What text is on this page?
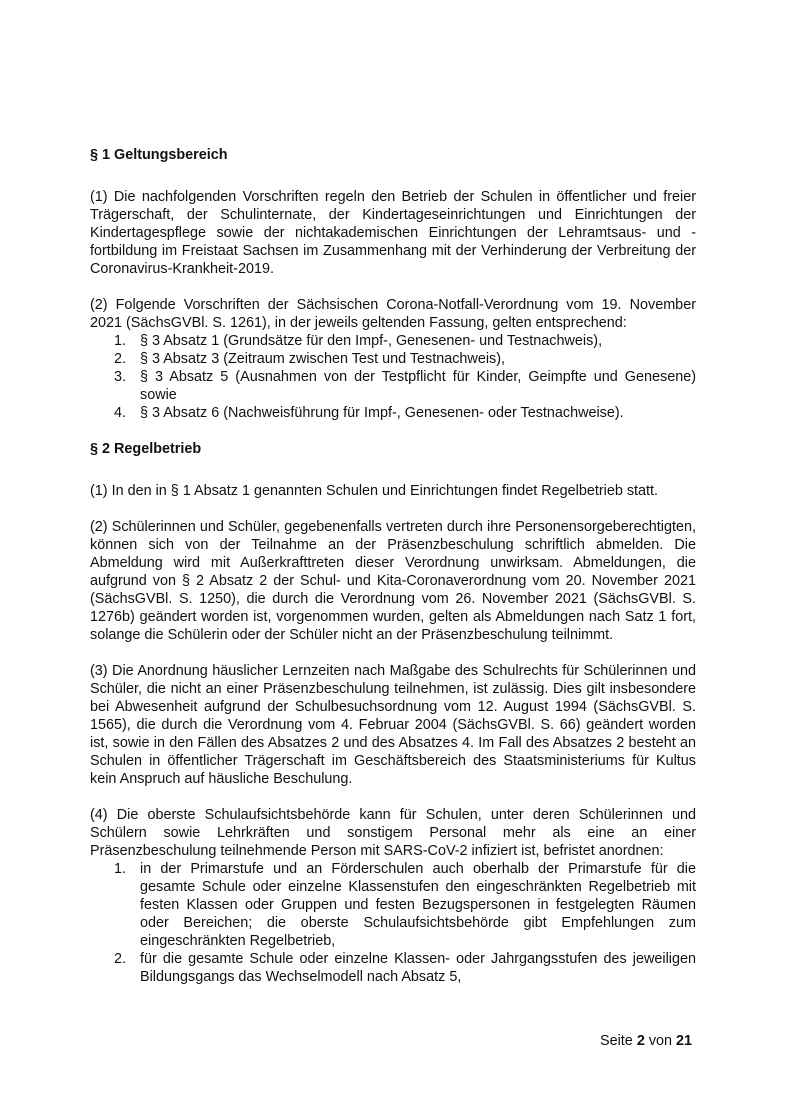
§ 1 Geltungsbereich

(1) Die nachfolgenden Vorschriften regeln den Betrieb der Schulen in öffentlicher und freier Trägerschaft, der Schulinternate, der Kindertageseinrichtungen und Einrichtungen der Kindertagespflege sowie der nichtakademischen Einrichtungen der Lehramtsaus- und -fortbildung im Freistaat Sachsen im Zusammenhang mit der Verhinderung der Verbreitung der Coronavirus-Krankheit-2019.

(2) Folgende Vorschriften der Sächsischen Corona-Notfall-Verordnung vom 19. November 2021 (SächsGVBl. S. 1261), in der jeweils geltenden Fassung, gelten entsprechend:

1. § 3 Absatz 1 (Grundsätze für den Impf-, Genesenen- und Testnachweis),
2. § 3 Absatz 3 (Zeitraum zwischen Test und Testnachweis),
3. § 3 Absatz 5 (Ausnahmen von der Testpflicht für Kinder, Geimpfte und Genesene) sowie
4. § 3 Absatz 6 (Nachweisführung für Impf-, Genesenen- oder Testnachweise).

§ 2 Regelbetrieb

(1) In den in § 1 Absatz 1 genannten Schulen und Einrichtungen findet Regelbetrieb statt.

(2) Schülerinnen und Schüler, gegebenenfalls vertreten durch ihre Personensorgeberechtigten, können sich von der Teilnahme an der Präsenzbeschulung schriftlich abmelden. Die Abmeldung wird mit Außerkrafttreten dieser Verordnung unwirksam. Abmeldungen, die aufgrund von § 2 Absatz 2 der Schul- und Kita-Coronaverordnung vom 20. November 2021 (SächsGVBl. S. 1250), die durch die Verordnung vom 26. November 2021 (SächsGVBl. S. 1276b) geändert worden ist, vorgenommen wurden, gelten als Abmeldungen nach Satz 1 fort, solange die Schülerin oder der Schüler nicht an der Präsenzbeschulung teilnimmt.

(3) Die Anordnung häuslicher Lernzeiten nach Maßgabe des Schulrechts für Schülerinnen und Schüler, die nicht an einer Präsenzbeschulung teilnehmen, ist zulässig. Dies gilt insbesondere bei Abwesenheit aufgrund der Schulbesuchsordnung vom 12. August 1994 (SächsGVBl. S. 1565), die durch die Verordnung vom 4. Februar 2004 (SächsGVBl. S. 66) geändert worden ist, sowie in den Fällen des Absatzes 2 und des Absatzes 4. Im Fall des Absatzes 2 besteht an Schulen in öffentlicher Trägerschaft im Geschäftsbereich des Staatsministeriums für Kultus kein Anspruch auf häusliche Beschulung.

(4) Die oberste Schulaufsichtsbehörde kann für Schulen, unter deren Schülerinnen und Schülern sowie Lehrkräften und sonstigem Personal mehr als eine an einer Präsenzbeschulung teilnehmende Person mit SARS-CoV-2 infiziert ist, befristet anordnen:

1. in der Primarstufe und an Förderschulen auch oberhalb der Primarstufe für die gesamte Schule oder einzelne Klassenstufen den eingeschränkten Regelbetrieb mit festen Klassen oder Gruppen und festen Bezugspersonen in festgelegten Räumen oder Bereichen; die oberste Schulaufsichtsbehörde gibt Empfehlungen zum eingeschränkten Regelbetrieb,
2. für die gesamte Schule oder einzelne Klassen- oder Jahrgangsstufen des jeweiligen Bildungsgangs das Wechselmodell nach Absatz 5,
Seite 2 von 21
